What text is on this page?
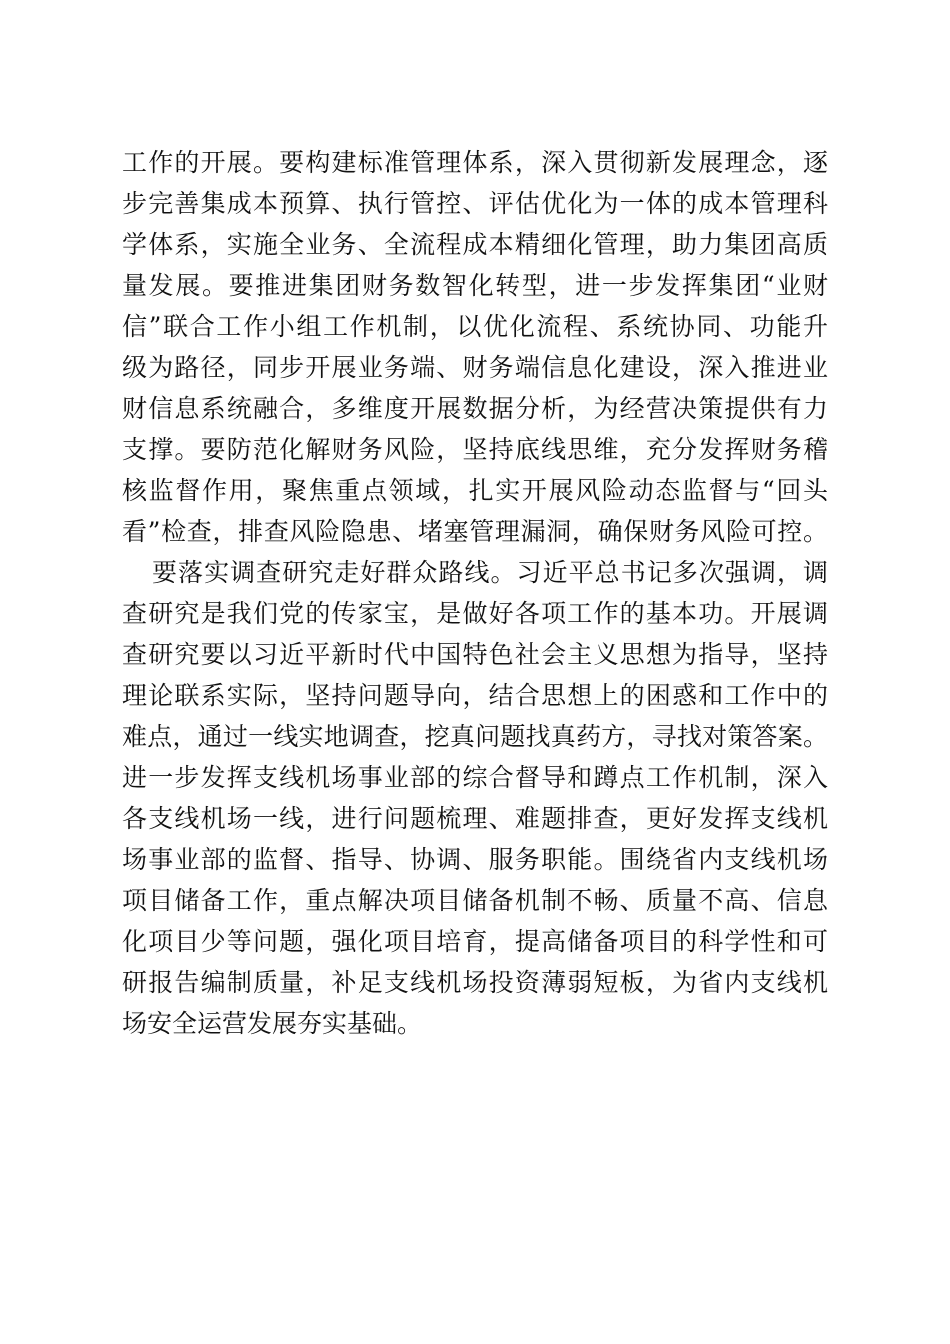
工作的开展。要构建标准管理体系，深入贯彻新发展理念，逐
步完善集成本预算、执行管控、评估优化为一体的成本管理科
学体系，实施全业务、全流程成本精细化管理，助力集团高质
量发展。要推进集团财务数智化转型，进一步发挥集团“业财
信”联合工作小组工作机制，以优化流程、系统协同、功能升
级为路径，同步开展业务端、财务端信息化建设，深入推进业
财信息系统融合，多维度开展数据分析，为经营决策提供有力
支撑。要防范化解财务风险，坚持底线思维，充分发挥财务稽
核监督作用，聚焦重点领域，扎实开展风险动态监督与“回头
看”检查，排查风险隐患、堵塞管理漏洞，确保财务风险可控。
要落实调查研究走好群众路线。习近平总书记多次强调，调
查研究是我们党的传家宝，是做好各项工作的基本功。开展调
查研究要以习近平新时代中国特色社会主义思想为指导，坚持
理论联系实际，坚持问题导向，结合思想上的困惑和工作中的
难点，通过一线实地调查，挖真问题找真药方，寻找对策答案。
进一步发挥支线机场事业部的综合督导和蹲点工作机制，深入
各支线机场一线，进行问题梳理、难题排查，更好发挥支线机
场事业部的监督、指导、协调、服务职能。围绕省内支线机场
项目储备工作，重点解决项目储备机制不畅、质量不高、信息
化项目少等问题，强化项目培育，提高储备项目的科学性和可
研报告编制质量，补足支线机场投资薄弱短板，为省内支线机
场安全运营发展夯实基础。
